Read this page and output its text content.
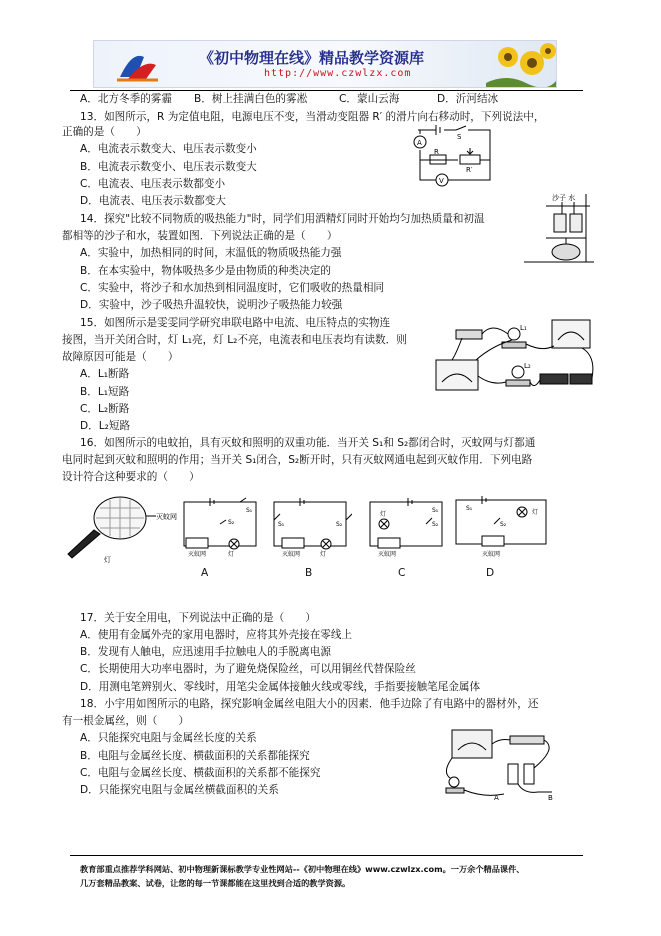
《初中物理在线》精品教学资源库
http://www.czwlzx.com
A．北方冬季的雾霾 B．树上挂满白色的雾凇	C．蒙山云海	D．沂河结冰
13．如图所示，R 为定值电阻，电源电压不变，当滑动变阻器 R′ 的滑片向右移动时，下列说法中，
正确的是（　　）
A．电流表示数变大、电压表示数变小
B．电流表示数变小、电压表示数变大
C．电流表、电压表示数都变小
D．电流表、电压表示数都变大
A
V
S
R
R′
14．探究"比较不同物质的吸热能力"时，同学们用酒精灯同时开始均匀加热质量和初温
都相等的沙子和水，装置如图．下列说法正确的是（　　）
A．实验中，加热相同的时间，末温低的物质吸热能力强
B．在本实验中，物体吸热多少是由物质的种类决定的
C．实验中，将沙子和水加热到相同温度时，它们吸收的热量相同
D．实验中，沙子吸热升温较快，说明沙子吸热能力较强
沙子 水
15．如图所示是雯雯同学研究串联电路中电流、电压特点的实物连
接图，当开关闭合时，灯 L₁亮，灯 L₂不亮，电流表和电压表均有读数．则
故障原因可能是（　　）
A．L₁断路
B．L₁短路
C．L₂断路
D．L₂短路
L₁
L₂
16．如图所示的电蚊拍，具有灭蚊和照明的双重功能．当开关 S₁和 S₂都闭合时，灭蚊网与灯都通
电同时起到灭蚊和照明的作用；当开关 S₁闭合，S₂断开时，只有灭蚊网通电起到灭蚊作用．下列电路
设计符合这种要求的（　　）
灭蚊网
灯
灭蚊网	灯
S₁
S₂
灭蚊网	灯
S₁	S₂
灭蚊网
灯
S₁
S₂
灭蚊网
灯
S₁
S₂
A	B	C	D
17．关于安全用电，下列说法中正确的是（　　）
A．使用有金属外壳的家用电器时，应将其外壳接在零线上
B．发现有人触电，应迅速用手拉触电人的手脱离电源
C．长期使用大功率电器时，为了避免烧保险丝，可以用铜丝代替保险丝
D．用测电笔辨别火、零线时，用笔尖金属体接触火线或零线，手指要接触笔尾金属体
18．小宇用如图所示的电路，探究影响金属丝电阻大小的因素．他手边除了有电路中的器材外，还
有一根金属丝，则（　　）
A．只能探究电阻与金属丝长度的关系
B．电阻与金属丝长度、横截面积的关系都能探究
C．电阻与金属丝长度、横截面积的关系都不能探究
D．只能探究电阻与金属丝横截面积的关系
A	B
教育部重点推荐学科网站、初中物理新课标教学专业性网站--《初中物理在线》www.czwlzx.com。一万余个精品课件、
几万套精品教案、试卷，让您的每一节课都能在这里找到合适的教学资源。
